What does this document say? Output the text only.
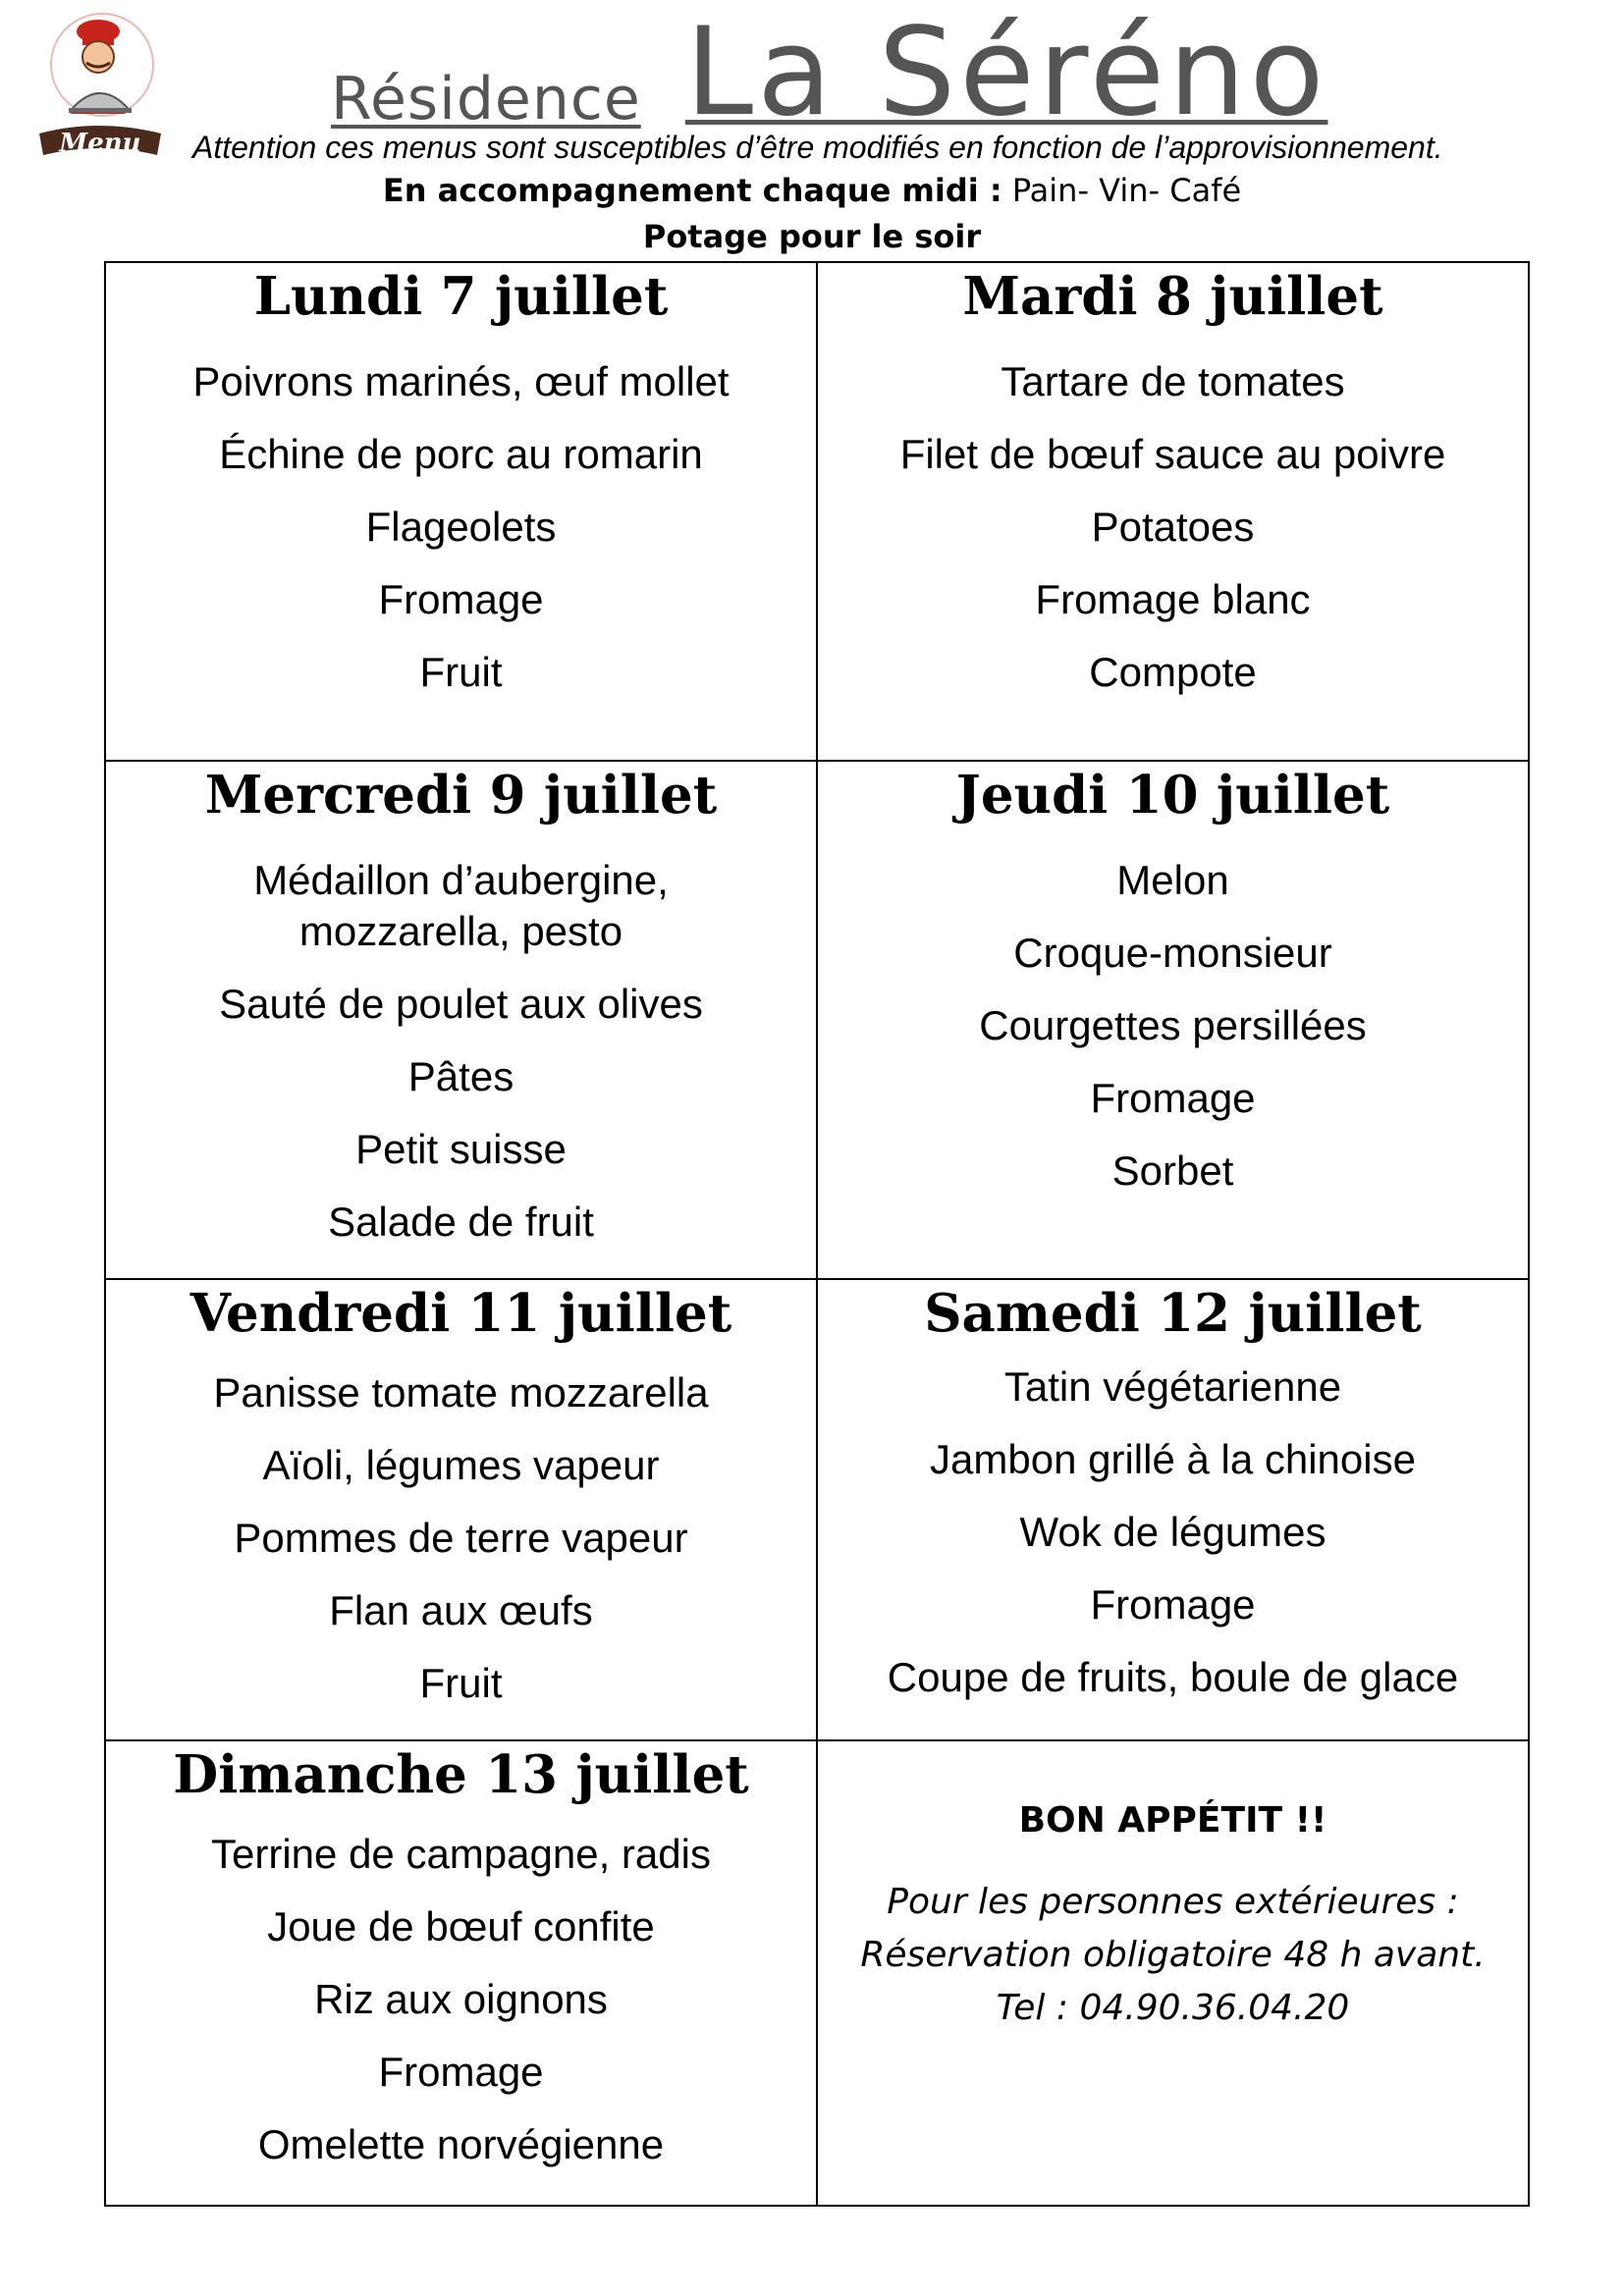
Menu
Résidence La Séréno
Attention ces menus sont susceptibles d’être modifiés en fonction de l’approvisionnement.
En accompagnement chaque midi : Pain- Vin- Café
Potage pour le soir
Lundi 7 juillet
Poivrons marinés, œuf mollet
Échine de porc au romarin
Flageolets
Fromage
Fruit
Mardi 8 juillet
Tartare de tomates
Filet de bœuf sauce au poivre
Potatoes
Fromage blanc
Compote
Mercredi 9 juillet
Médaillon d’aubergine, mozzarella, pesto
Sauté de poulet aux olives
Pâtes
Petit suisse
Salade de fruit
Jeudi 10 juillet
Melon
Croque-monsieur
Courgettes persillées
Fromage
Sorbet
Vendredi 11 juillet
Panisse tomate mozzarella
Aïoli, légumes vapeur
Pommes de terre vapeur
Flan aux œufs
Fruit
Samedi 12 juillet
Tatin végétarienne
Jambon grillé à la chinoise
Wok de légumes
Fromage
Coupe de fruits, boule de glace
Dimanche 13 juillet
Terrine de campagne, radis
Joue de bœuf confite
Riz aux oignons
Fromage
Omelette norvégienne
BON APPÉTIT !!
Pour les personnes extérieures :
Réservation obligatoire 48 h avant.
Tel : 04.90.36.04.20
